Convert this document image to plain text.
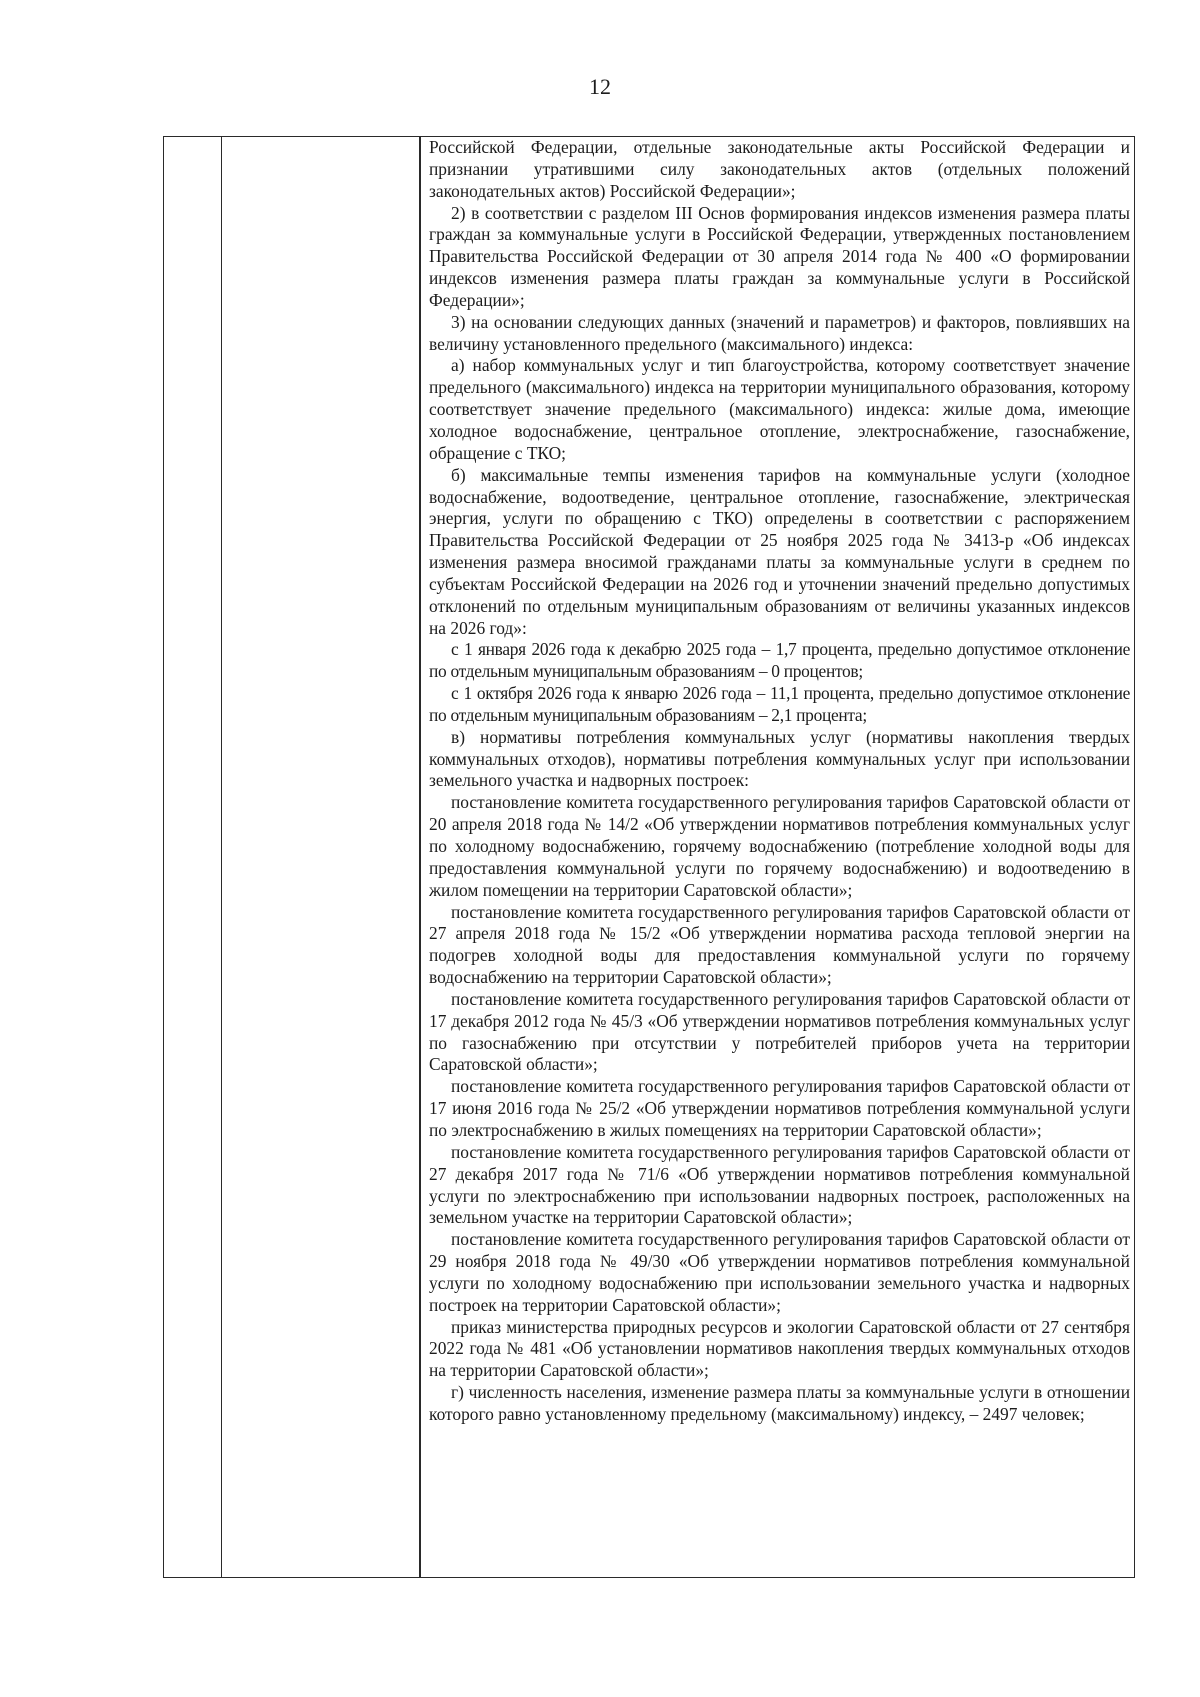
12

Российской Федерации, отдельные законодательные акты Российской Федерации и признании утратившими силу законодательных актов (отдельных положений законодательных актов) Российской Федерации»;

2) в соответствии с разделом III Основ формирования индексов изменения размера платы граждан за коммунальные услуги в Российской Федерации, утвержденных постановлением Правительства Российской Федерации от 30 апреля 2014 года № 400 «О формировании индексов изменения размера платы граждан за коммунальные услуги в Российской Федерации»;

3) на основании следующих данных (значений и параметров) и факторов, повлиявших на величину установленного предельного (максимального) индекса:

а) набор коммунальных услуг и тип благоустройства, которому соответствует значение предельного (максимального) индекса на территории муниципального образования, которому соответствует значение предельного (максимального) индекса: жилые дома, имеющие холодное водоснабжение, центральное отопление, электроснабжение, газоснабжение, обращение с ТКО;

б) максимальные темпы изменения тарифов на коммунальные услуги (холодное водоснабжение, водоотведение, центральное отопление, газоснабжение, электрическая энергия, услуги по обращению с ТКО) определены в соответствии с распоряжением Правительства Российской Федерации от 25 ноября 2025 года № 3413-р «Об индексах изменения размера вносимой гражданами платы за коммунальные услуги в среднем по субъектам Российской Федерации на 2026 год и уточнении значений предельно допустимых отклонений по отдельным муниципальным образованиям от величины указанных индексов на 2026 год»:

с 1 января 2026 года к декабрю 2025 года – 1,7 процента, предельно допустимое отклонение по отдельным муниципальным образованиям – 0 процентов;

с 1 октября 2026 года к январю 2026 года – 11,1 процента, предельно допустимое отклонение по отдельным муниципальным образованиям – 2,1 процента;

в) нормативы потребления коммунальных услуг (нормативы накопления твердых коммунальных отходов), нормативы потребления коммунальных услуг при использовании земельного участка и надворных построек:

постановление комитета государственного регулирования тарифов Саратовской области от 20 апреля 2018 года № 14/2 «Об утверждении нормативов потребления коммунальных услуг по холодному водоснабжению, горячему водоснабжению (потребление холодной воды для предоставления коммунальной услуги по горячему водоснабжению) и водоотведению в жилом помещении на территории Саратовской области»;

постановление комитета государственного регулирования тарифов Саратовской области от 27 апреля 2018 года № 15/2 «Об утверждении норматива расхода тепловой энергии на подогрев холодной воды для предоставления коммунальной услуги по горячему водоснабжению на территории Саратовской области»;

постановление комитета государственного регулирования тарифов Саратовской области от 17 декабря 2012 года № 45/3 «Об утверждении нормативов потребления коммунальных услуг по газоснабжению при отсутствии у потребителей приборов учета на территории Саратовской области»;

постановление комитета государственного регулирования тарифов Саратовской области от 17 июня 2016 года № 25/2 «Об утверждении нормативов потребления коммунальной услуги по электроснабжению в жилых помещениях на территории Саратовской области»;

постановление комитета государственного регулирования тарифов Саратовской области от 27 декабря 2017 года № 71/6 «Об утверждении нормативов потребления коммунальной услуги по электроснабжению при использовании надворных построек, расположенных на земельном участке на территории Саратовской области»;

постановление комитета государственного регулирования тарифов Саратовской области от 29 ноября 2018 года № 49/30 «Об утверждении нормативов потребления коммунальной услуги по холодному водоснабжению при использовании земельного участка и надворных построек на территории Саратовской области»;

приказ министерства природных ресурсов и экологии Саратовской области от 27 сентября 2022 года № 481 «Об установлении нормативов накопления твердых коммунальных отходов на территории Саратовской области»;

г) численность населения, изменение размера платы за коммунальные услуги в отношении которого равно установленному предельному (максимальному) индексу, – 2497 человек;
